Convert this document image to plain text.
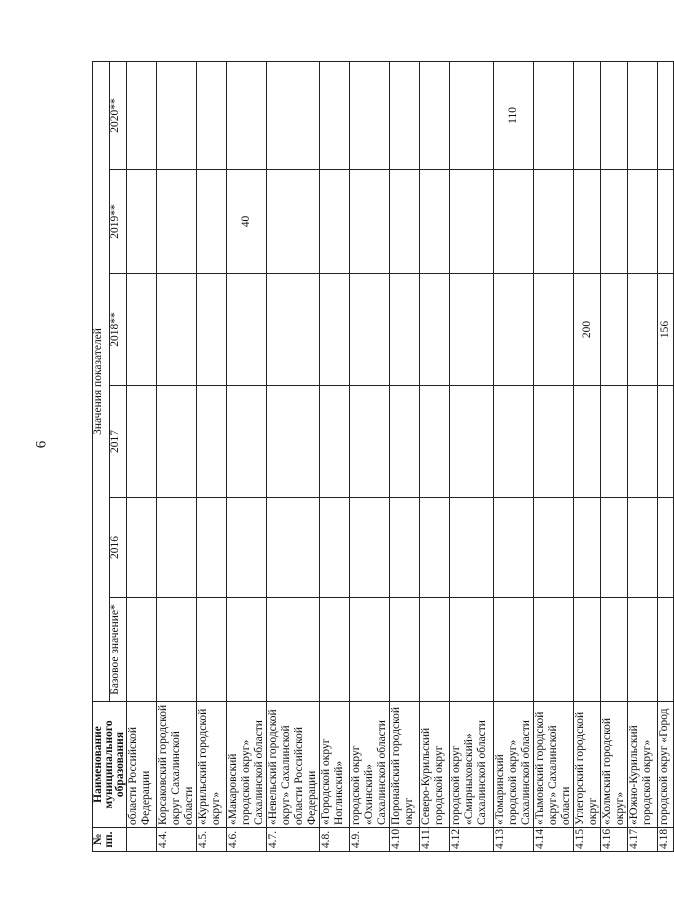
6
№ пп.	Наименование муниципального образования	Значения показателей					
		Базовое значение*	2016	2017	2018**	2019**	2020**
	области Российской Федерации						
4.4.	Корсаковский городской округ Сахалинской области						
4.5.	«Курильский городской округ»						
4.6.	«Макаровский городской округ» Сахалинской области					40	
4.7.	«Невельский городской округ» Сахалинской области Российской Федерации						
4.8.	«Городской округ Ногликский»						
4.9.	городской округ «Охинский» Сахалинской области						
4.10.	Поронайский городской округ						
4.11.	Северо-Курильский городской округ						
4.12.	городской округ «Смирныховский» Сахалинской области						
4.13.	«Томаринский городской округ» Сахалинской области						110
4.14.	«Тымовский городской округ» Сахалинской области						
4.15.	Углегорский городской округ				200		
4.16.	«Холмский городской округ»						
4.17.	«Южно-Курильский городской округ»						
4.18.	городской округ «Город				156		
